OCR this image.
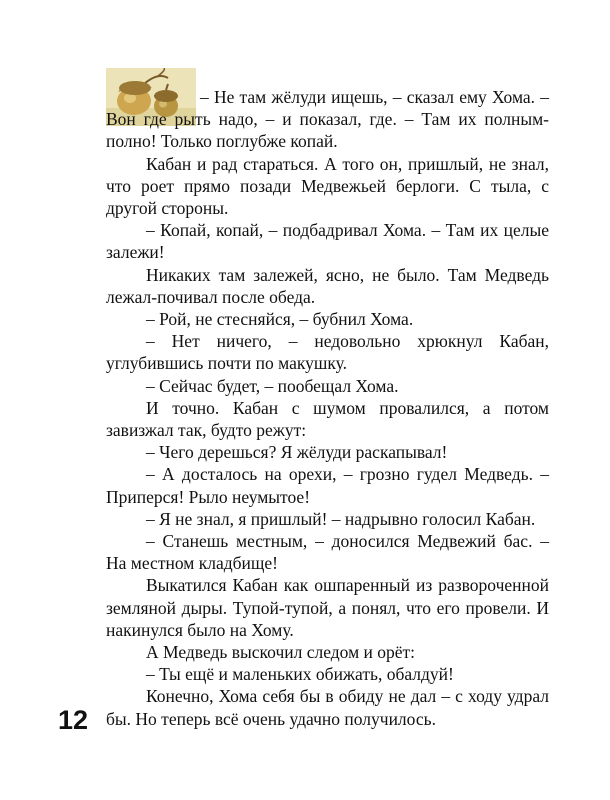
– Не там жёлуди ищешь, – сказал ему Хома. – Вон где рыть надо, – и показал, где. – Там их полным-полно! Только поглубже копай.

Кабан и рад стараться. А того он, пришлый, не знал, что роет прямо позади Медвежьей берлоги. С тыла, с другой стороны.

– Копай, копай, – подбадривал Хома. – Там их целые залежи!

Никаких там залежей, ясно, не было. Там Медведь лежал-почивал после обеда.

– Рой, не стесняйся, – бубнил Хома.

– Нет ничего, – недовольно хрюкнул Кабан, углубившись почти по макушку.

– Сейчас будет, – пообещал Хома.

И точно. Кабан с шумом провалился, а потом завизжал так, будто режут:

– Чего дерешься? Я жёлуди раскапывал!

– А досталось на орехи, – грозно гудел Медведь. – Приперся! Рыло неумытое!

– Я не знал, я пришлый! – надрывно голосил Кабан.

– Станешь местным, – доносился Медвежий бас. – На местном кладбище!

Выкатился Кабан как ошпаренный из развороченной земляной дыры. Тупой-тупой, а понял, что его провели. И накинулся было на Хому.

А Медведь выскочил следом и орёт:

– Ты ещё и маленьких обижать, обалдуй!

Конечно, Хома себя бы в обиду не дал – с ходу удрал бы. Но теперь всё очень удачно получилось.

12
